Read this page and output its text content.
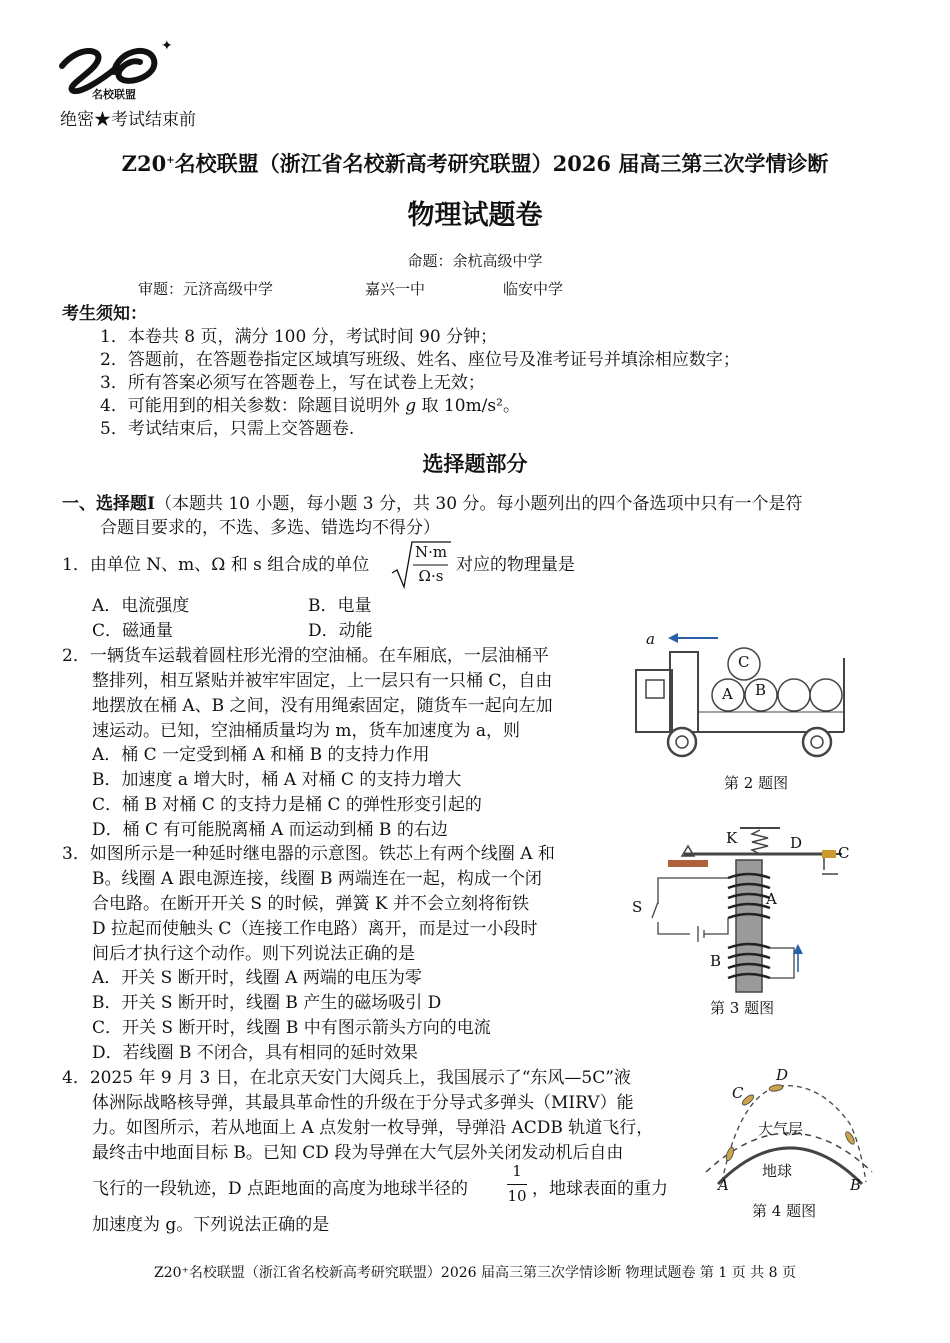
✦
名校联盟
绝密★考试结束前
Z20+名校联盟（浙江省名校新高考研究联盟）2026 届高三第三次学情诊断
物理试题卷
命题：余杭高级中学
审题：元济高级中学	嘉兴一中	临安中学
考生须知：
1．本卷共 8 页，满分 100 分，考试时间 90 分钟；
2．答题前，在答题卷指定区域填写班级、姓名、座位号及准考证号并填涂相应数字；
3．所有答案必须写在答题卷上，写在试卷上无效；
4．可能用到的相关参数：除题目说明外 g 取 10m/s²。
5．考试结束后，只需上交答题卷.
选择题部分
一、选择题Ⅰ（本题共 10 小题，每小题 3 分，共 30 分。每小题列出的四个备选项中只有一个是符
合题目要求的，不选、多选、错选均不得分）
1．由单位 N、m、Ω 和 s 组合成的单位
N·m
Ω·s
对应的物理量是
A．电流强度	B．电量
C．磁通量	D．动能
2．一辆货车运载着圆柱形光滑的空油桶。在车厢底，一层油桶平
整排列，相互紧贴并被牢牢固定，上一层只有一只桶 C，自由
地摆放在桶 A、B 之间，没有用绳索固定，随货车一起向左加
速运动。已知，空油桶质量均为 m，货车加速度为 a，则
A．桶 C 一定受到桶 A 和桶 B 的支持力作用
B．加速度 a 增大时，桶 A 对桶 C 的支持力增大
C．桶 B 对桶 C 的支持力是桶 C 的弹性形变引起的
D．桶 C 有可能脱离桶 A 而运动到桶 B 的右边
a
A B
C
第 2 题图
3．如图所示是一种延时继电器的示意图。铁芯上有两个线圈 A 和
B。线圈 A 跟电源连接，线圈 B 两端连在一起，构成一个闭
合电路。在断开开关 S 的时候，弹簧 K 并不会立刻将衔铁
D 拉起而使触头 C（连接工作电路）离开，而是过一小段时
间后才执行这个动作。则下列说法正确的是
A．开关 S 断开时，线圈 A 两端的电压为零
B．开关 S 断开时，线圈 B 产生的磁场吸引 D
C．开关 S 断开时，线圈 B 中有图示箭头方向的电流
D．若线圈 B 不闭合，具有相同的延时效果
K	D
C
S	A
B
第 3 题图
4．2025 年 9 月 3 日，在北京天安门大阅兵上，我国展示了“东风—5C”液
体洲际战略核导弹，其最具革命性的升级在于分导式多弹头（MIRV）能
力。如图所示，若从地面上 A 点发射一枚导弹，导弹沿 ACDB 轨道飞行，
最终击中地面目标 B。已知 CD 段为导弹在大气层外关闭发动机后自由
飞行的一段轨迹，D 点距地面的高度为地球半径的
1
10 ，地球表面的重力
加速度为 g。下列说法正确的是
A	B
C
D
大气层
地球
第 4 题图
Z20⁺名校联盟（浙江省名校新高考研究联盟）2026 届高三第三次学情诊断 物理试题卷 第 1 页 共 8 页
